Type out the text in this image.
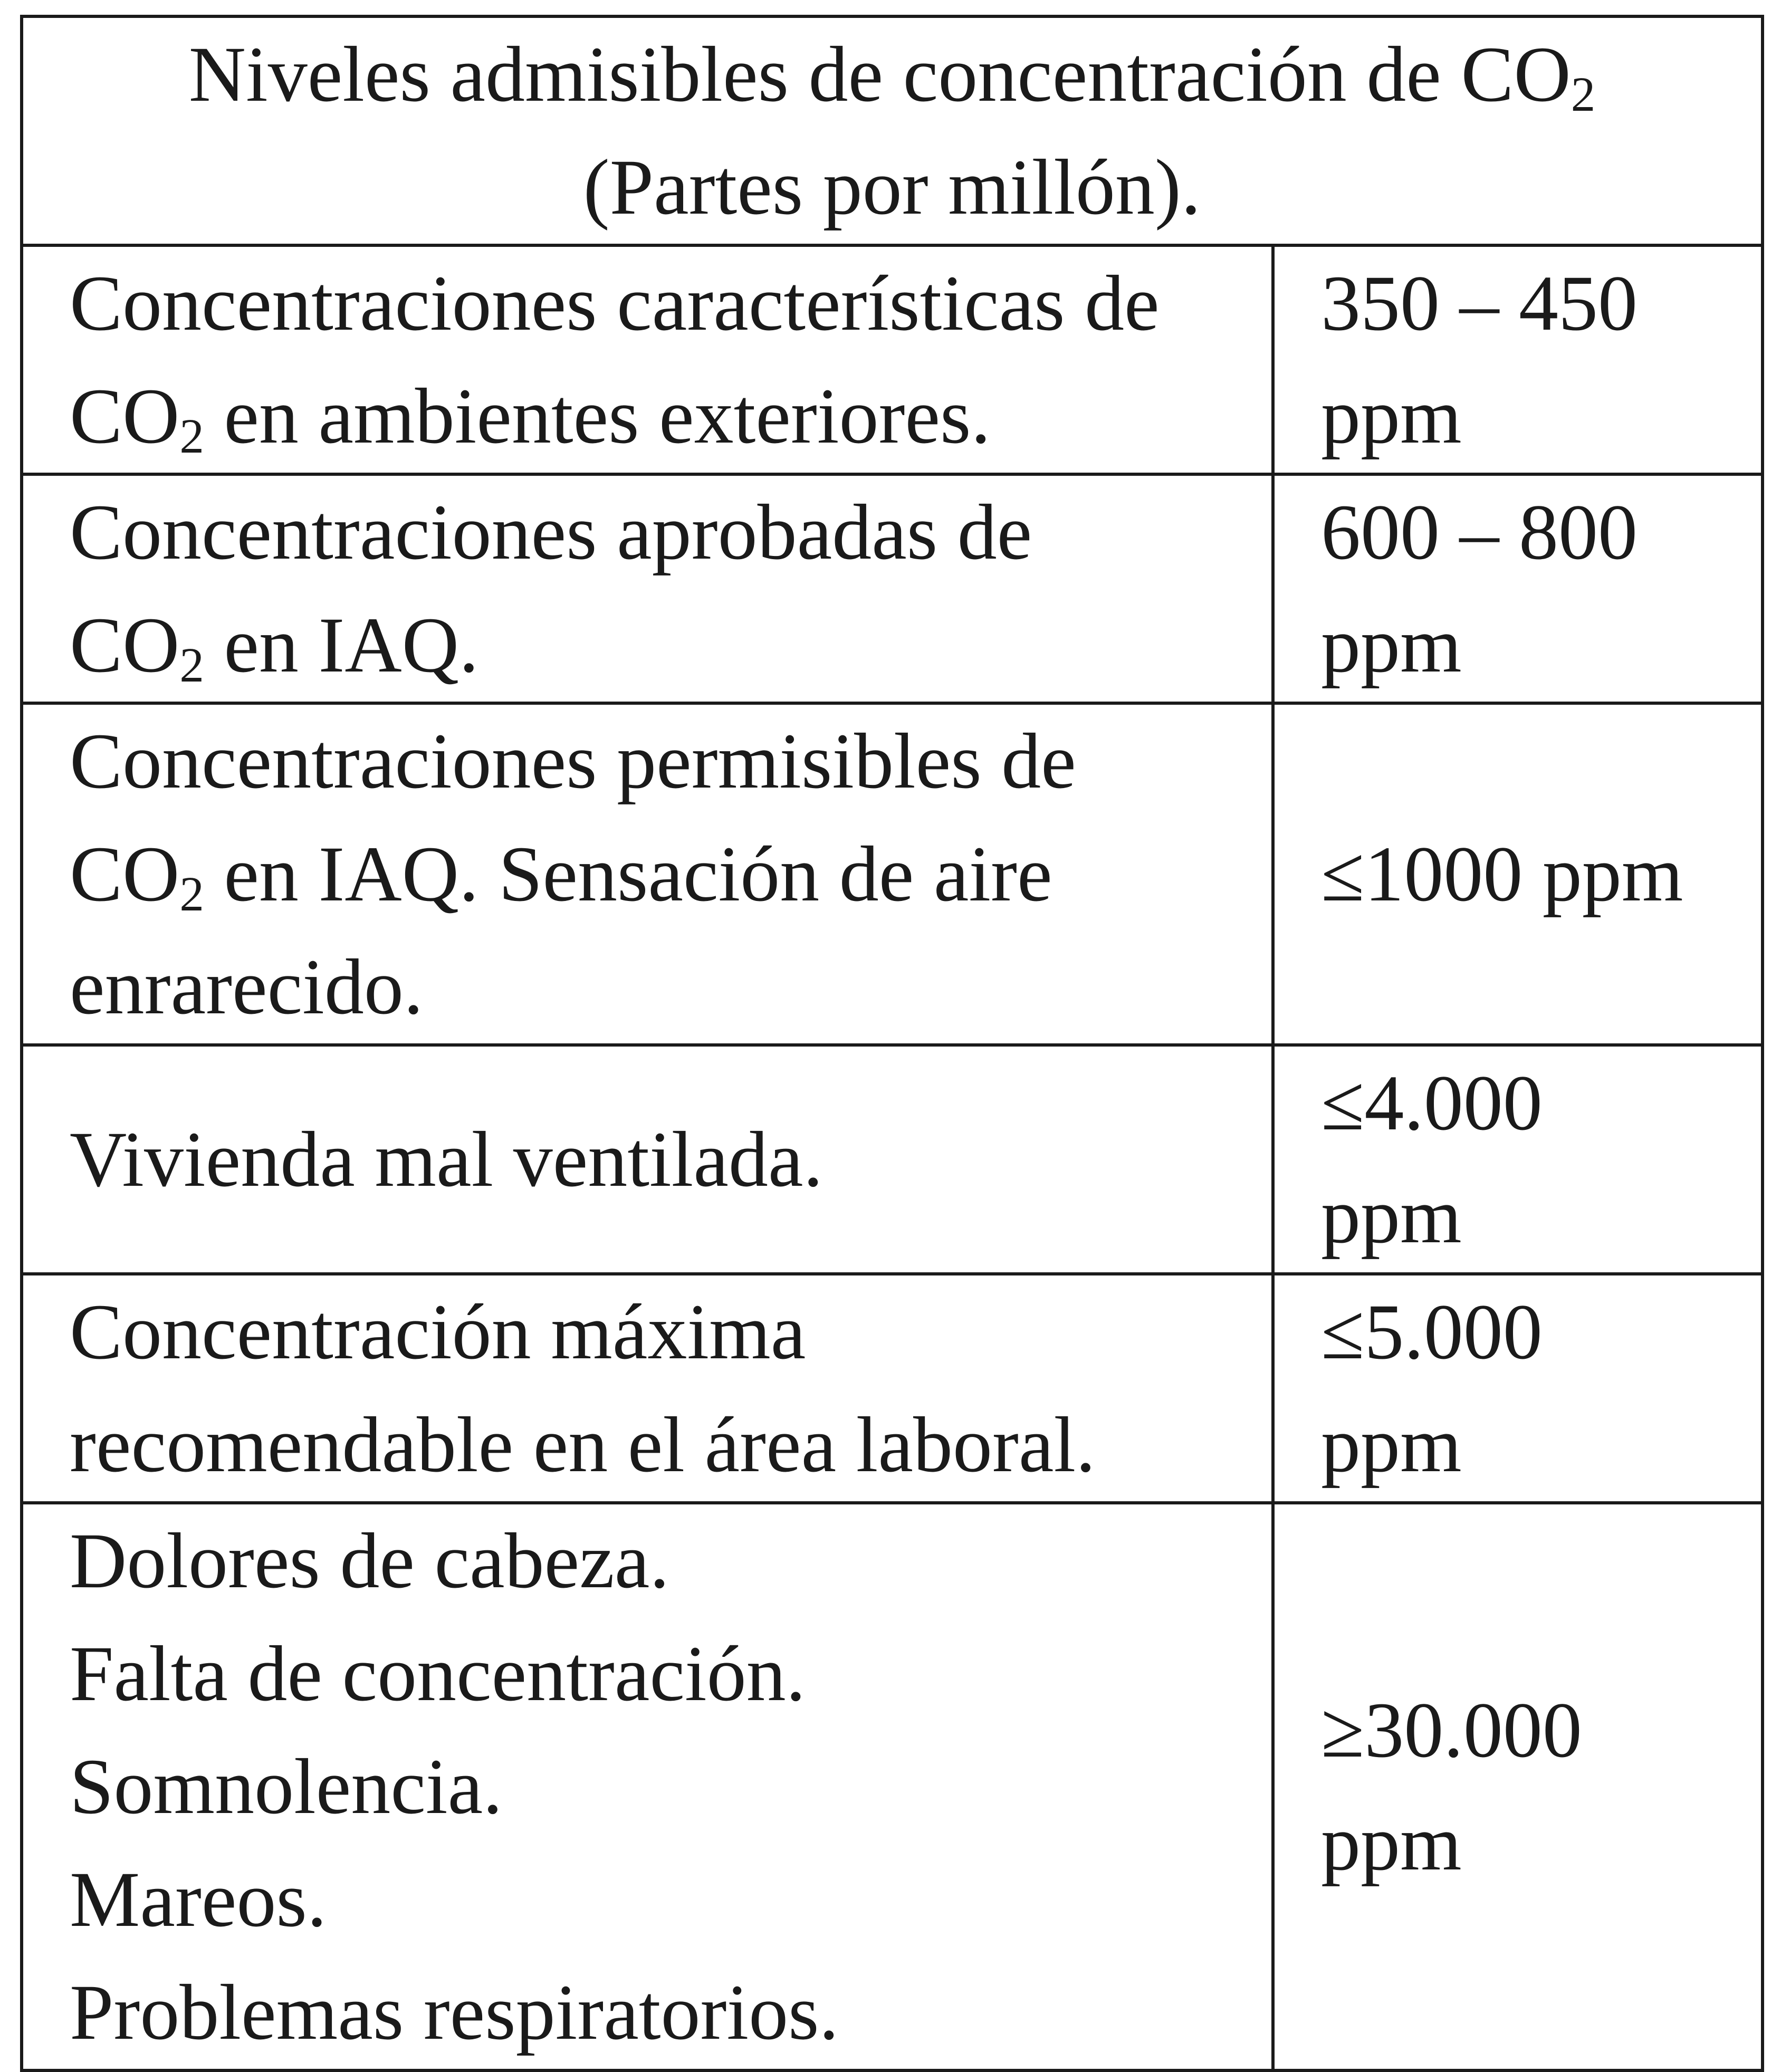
Niveles admisibles de concentración de CO2
(Partes por millón).	

Concentraciones características de
CO2 en ambientes exteriores.	350 – 450
ppm

Concentraciones aprobadas de
CO2 en IAQ.	600 – 800
ppm

Concentraciones permisibles de
CO2 en IAQ. Sensación de aire
enrarecido.	≤1000 ppm

Vivienda mal ventilada.	≤4.000
ppm

Concentración máxima
recomendable en el área laboral.	≤5.000
ppm

Dolores de cabeza.
Falta de concentración.
Somnolencia.
Mareos.
Problemas respiratorios.	≥30.000
ppm
